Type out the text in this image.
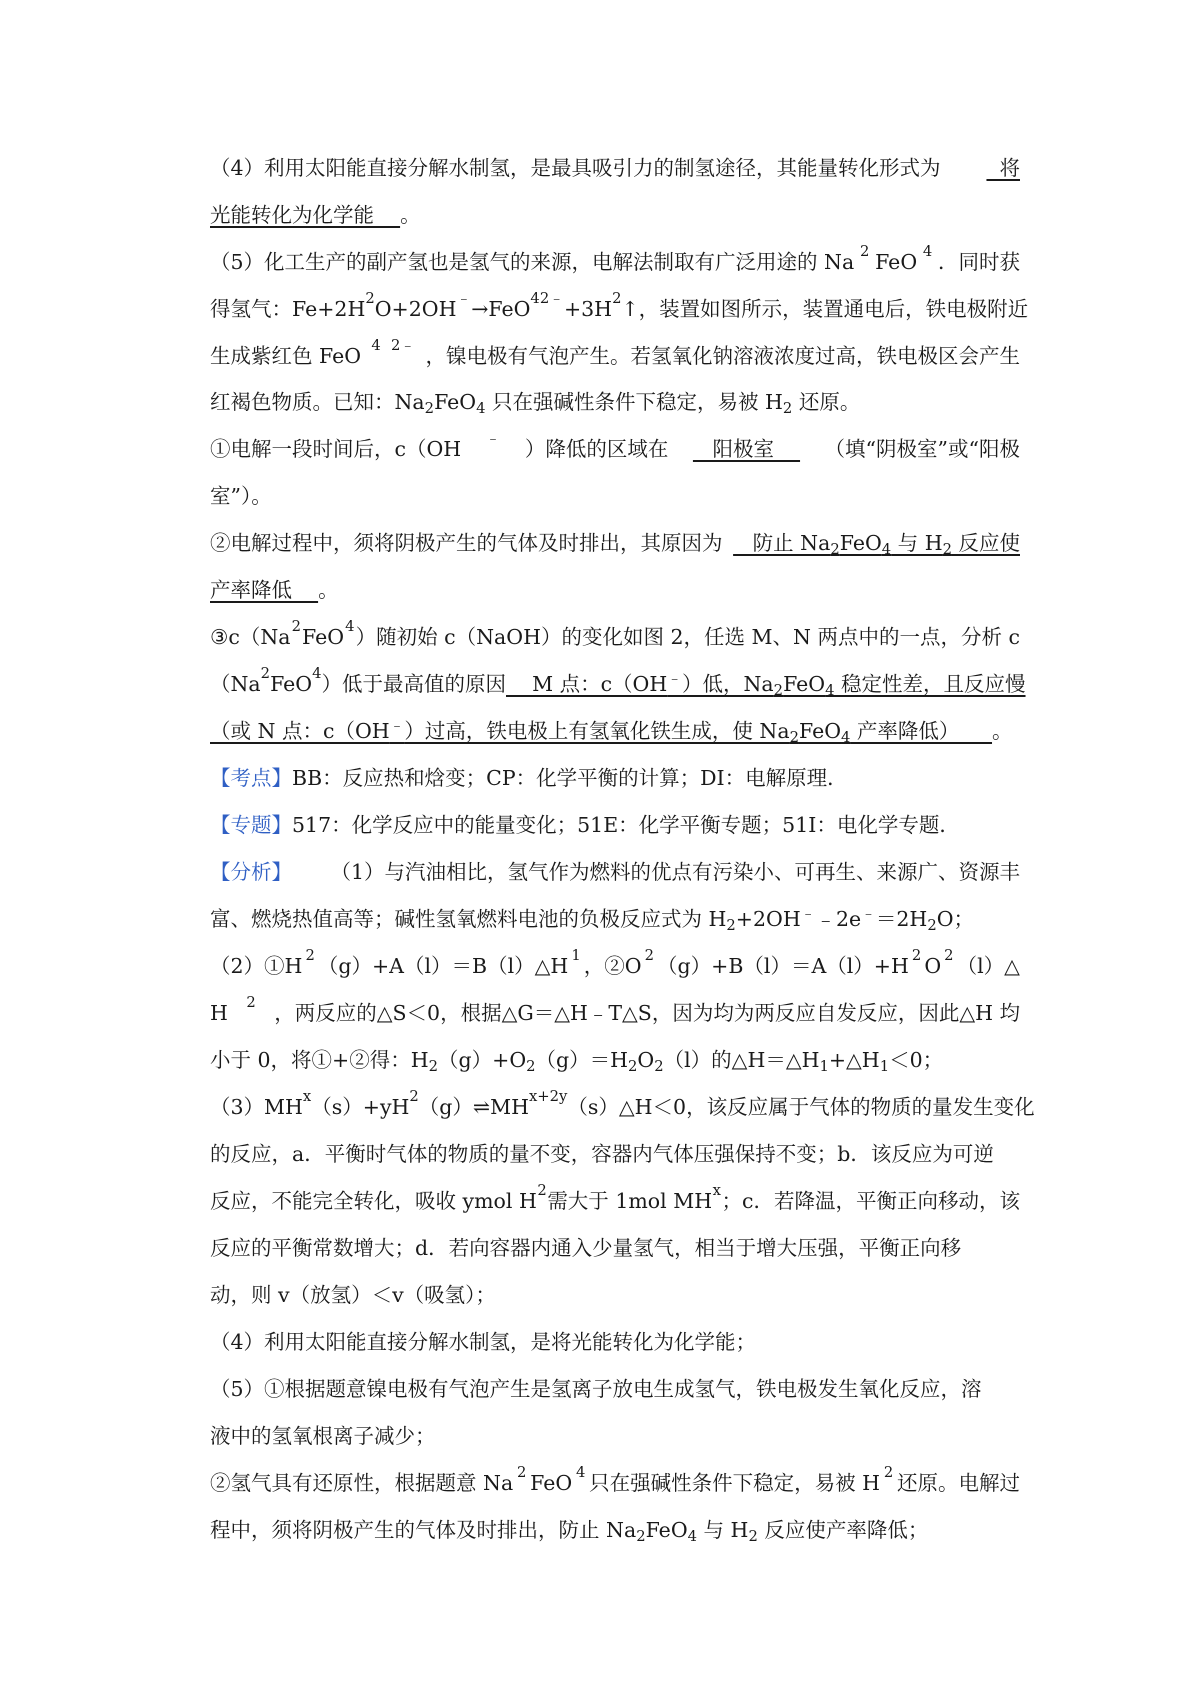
（4）利用太阳能直接分解水制氢，是最具吸引力的制氢途径，其能量转化形式为 将
光能转化为化学能    。
（5）化工生产的副产氢也是氢气的来源，电解法制取有广泛用途的 Na 2 FeO 4 ．同时获
得氢气：Fe+2H 2 O+2OH ﹣ →FeO 4 2﹣ +3H 2 ↑，装置如图所示，装置通电后，铁电极附近
生成紫红色 FeO 4 2﹣ ，镍电极有气泡产生。若氢氧化钠溶液浓度过高，铁电极区会产生
红褐色物质。已知：$Na_2FeO_4$ 只在强碱性条件下稳定，易被 $H_2$ 还原。
①电解一段时间后，c（OH ﹣ ）降低的区域在 阳极室 （填“阴极室”或“阳极
室”）。
②电解过程中，须将阴极产生的气体及时排出，其原因为 防止 $Na_2FeO_4$ 与 $H_2$ 反应使
产率降低    。
③c（Na 2 FeO 4 ）随初始 c（NaOH）的变化如图 2，任选 M、N 两点中的一点，分析 c
（Na 2 FeO 4 ）低于最高值的原因 M 点：c（OH﹣）低，$Na_2FeO_4$ 稳定性差，且反应慢
（或 N 点：c（OH﹣）过高，铁电极上有氢氧化铁生成，使 $Na_2FeO_4$ 产率降低）     。
【考点】BB：反应热和焓变；CP：化学平衡的计算；DI：电解原理．
【专题】517：化学反应中的能量变化；51E：化学平衡专题；51I：电化学专题．
【分析】 （1）与汽油相比，氢气作为燃料的优点有污染小、可再生、来源广、资源丰
富、燃烧热值高等；碱性氢氧燃料电池的负极反应式为 $H_2+2OH^﹣﹣2e^﹣=2H_2O$；
（2）①H 2 （g）+A（l）＝B（l）△H 1 ，②O 2 （g）+B（l）＝A（l）+H 2 O 2 （l）△
H 2 ，两反应的△S＜0，根据△G＝△H﹣T△S，因为均为两反应自发反应，因此△H 均
小于 0，将①+②得：$H_2(g)+O_2(g)=H_2O_2(l)$的$\triangle H=\triangle H_1+\triangle H_1<0$；
（3）MH x （s）+yH 2 （g）⇌MH x+2y （s）△H＜0，该反应属于气体的物质的量发生变化
的反应，a．平衡时气体的物质的量不变，容器内气体压强保持不变；b．该反应为可逆
反应，不能完全转化，吸收 ymol H 2 需大于 1mol MH x ；c．若降温，平衡正向移动，该
反应的平衡常数增大；d．若向容器内通入少量氢气，相当于增大压强，平衡正向移
动，则 v（放氢）＜v（吸氢）；
（4）利用太阳能直接分解水制氢，是将光能转化为化学能；
（5）①根据题意镍电极有气泡产生是氢离子放电生成氢气，铁电极发生氧化反应，溶
液中的氢氧根离子减少；
②氢气具有还原性，根据题意 Na 2 FeO 4 只在强碱性条件下稳定，易被 H 2 还原。电解过
程中，须将阴极产生的气体及时排出，防止 $Na_2FeO_4$ 与 $H_2$ 反应使产率降低；
